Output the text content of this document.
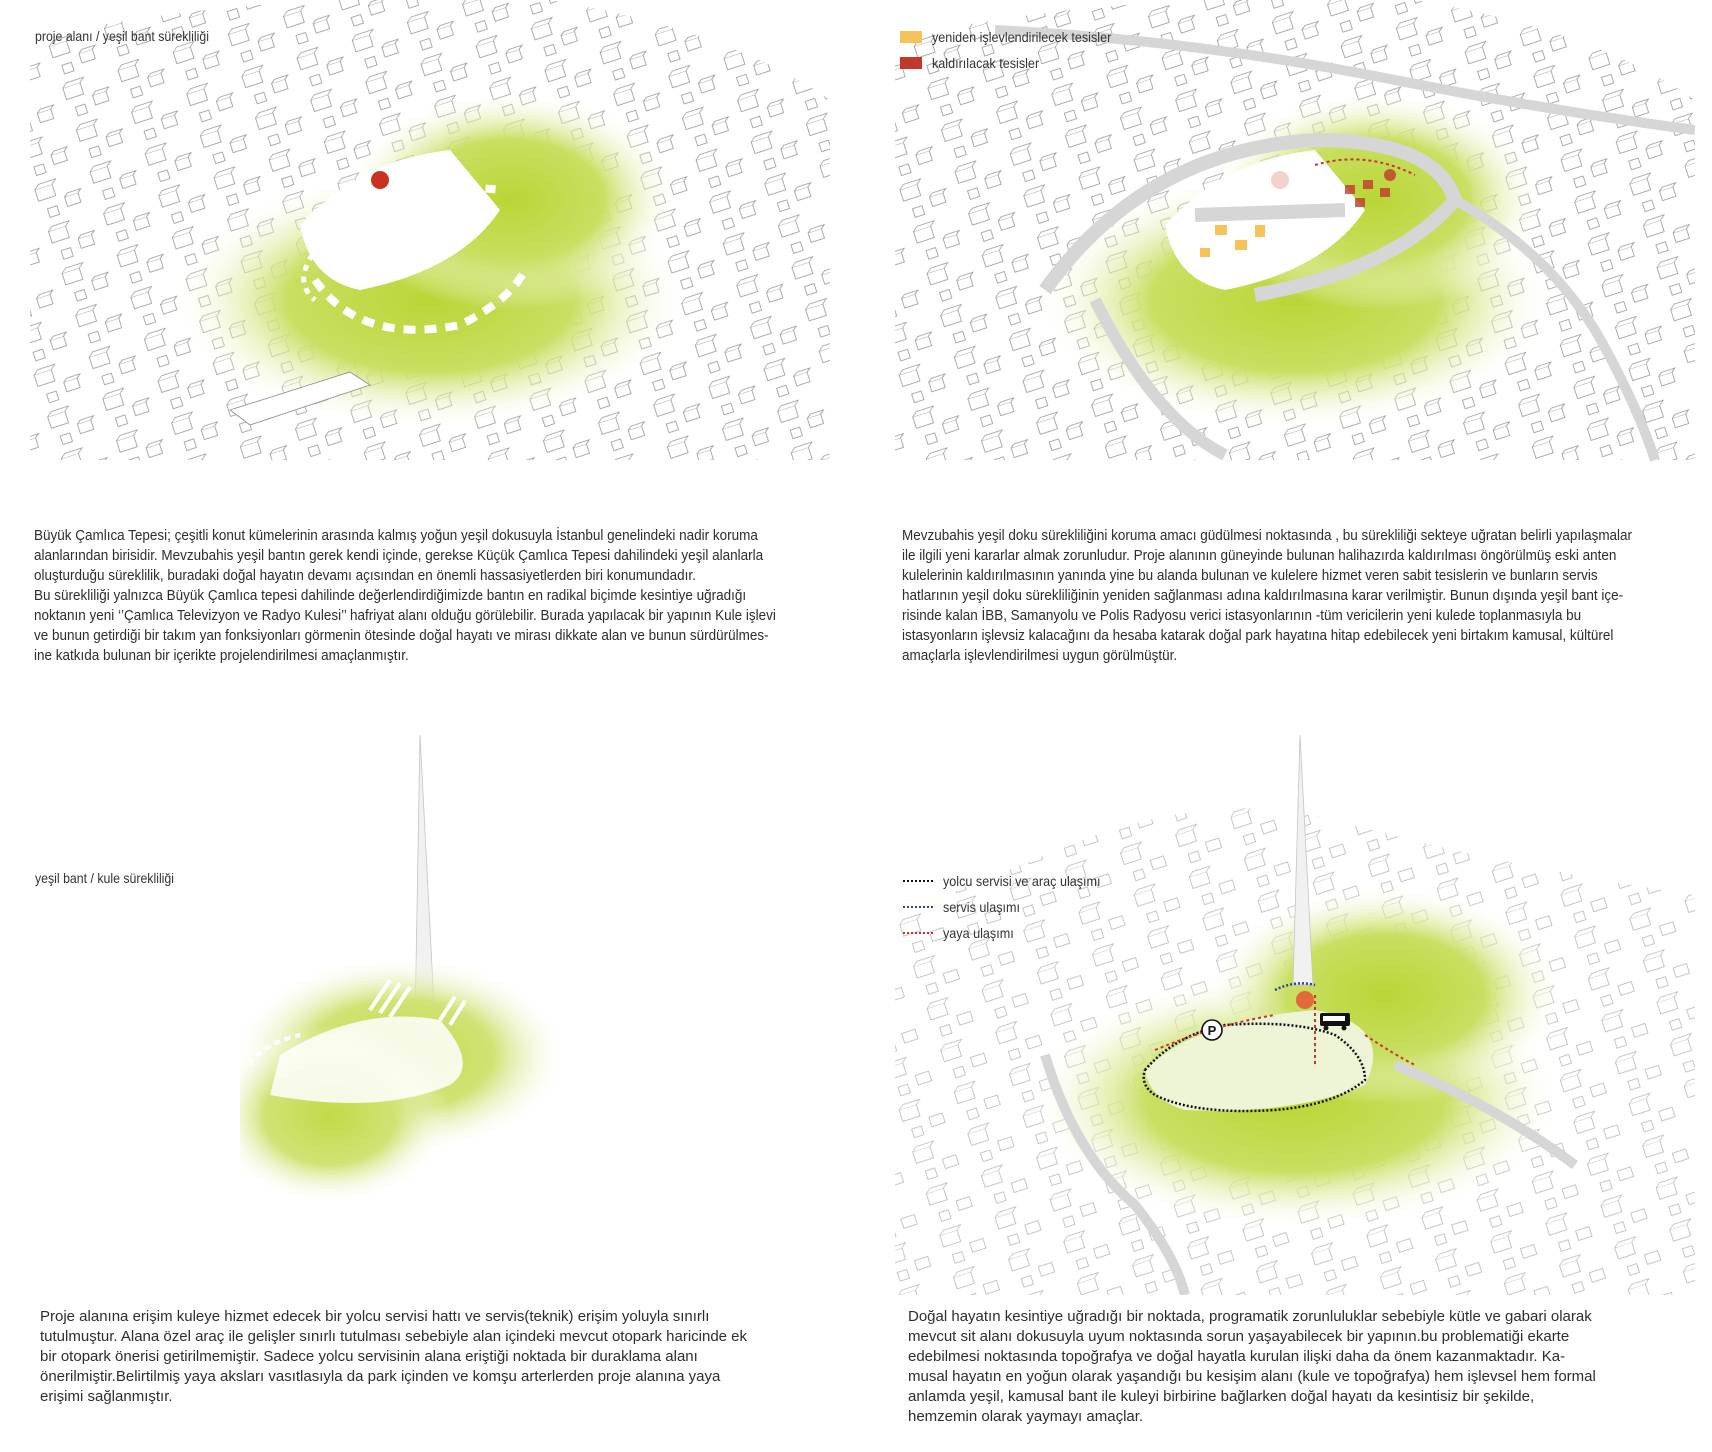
proje alanı / yeşil bant sürekliliği
Büyük Çamlıca Tepesi; çeşitli konut kümelerinin arasında kalmış yoğun yeşil dokusuyla İstanbul genelindeki nadir koruma
alanlarından birisidir. Mevzubahis yeşil bantın gerek kendi içinde, gerekse Küçük Çamlıca Tepesi dahilindeki yeşil alanlarla
oluşturduğu süreklilik, buradaki doğal hayatın devamı açısından en önemli hassasiyetlerden biri konumundadır.
Bu sürekliliği yalnızca Büyük Çamlıca tepesi dahilinde değerlendirdiğimizde bantın en radikal biçimde kesintiye uğradığı
noktanın yeni ‘’Çamlıca Televizyon ve Radyo Kulesi’’ hafriyat alanı olduğu görülebilir. Burada yapılacak bir yapının Kule işlevi
ve bunun getirdiği bir takım yan fonksiyonları görmenin ötesinde doğal hayatı ve mirası dikkate alan ve bunun sürdürülmes-
ine katkıda bulunan bir içerikte projelendirilmesi amaçlanmıştır.
yeniden işlevlendirilecek tesisler
kaldırılacak tesisler
Mevzubahis yeşil doku sürekliliğini koruma amacı güdülmesi noktasında , bu sürekliliği sekteye uğratan belirli yapılaşmalar
ile ilgili yeni kararlar almak zorunludur. Proje alanının güneyinde bulunan halihazırda kaldırılması öngörülmüş eski anten
kulelerinin kaldırılmasının yanında yine bu alanda bulunan ve kulelere hizmet veren sabit tesislerin ve bunların servis
hatlarının yeşil doku sürekliliğinin yeniden sağlanması adına kaldırılmasına karar verilmiştir. Bunun dışında yeşil bant içe-
risinde kalan İBB, Samanyolu ve Polis Radyosu verici istasyonlarının -tüm vericilerin yeni kulede toplanmasıyla bu
istasyonların işlevsiz kalacağını da hesaba katarak doğal park hayatına hitap edebilecek yeni birtakım kamusal, kültürel
amaçlarla işlevlendirilmesi uygun görülmüştür.
yeşil bant / kule sürekliliği
Proje alanına erişim kuleye hizmet edecek bir yolcu servisi hattı ve servis(teknik) erişim yoluyla sınırlı
tutulmuştur. Alana özel araç ile gelişler sınırlı tutulması sebebiyle alan içindeki mevcut otopark haricinde ek
bir otopark önerisi getirilmemiştir. Sadece yolcu servisinin alana eriştiği noktada bir duraklama alanı
önerilmiştir.Belirtilmiş yaya aksları vasıtlasıyla da park içinden ve komşu arterlerden proje alanına yaya
erişimi sağlanmıştır.
P
yolcu servisi ve araç ulaşımı
servis ulaşımı
yaya ulaşımı
Doğal hayatın kesintiye uğradığı bir noktada, programatik zorunluluklar sebebiyle kütle ve gabari olarak
mevcut sit alanı dokusuyla uyum noktasında sorun yaşayabilecek bir yapının.bu problematiği ekarte
edebilmesi noktasında topoğrafya ve doğal hayatla kurulan ilişki daha da önem kazanmaktadır. Ka-
musal hayatın en yoğun olarak yaşandığı bu kesişim alanı (kule ve topoğrafya) hem işlevsel hem formal
anlamda yeşil, kamusal bant ile kuleyi birbirine bağlarken doğal hayatı da kesintisiz bir şekilde,
hemzemin olarak yaymayı amaçlar.
